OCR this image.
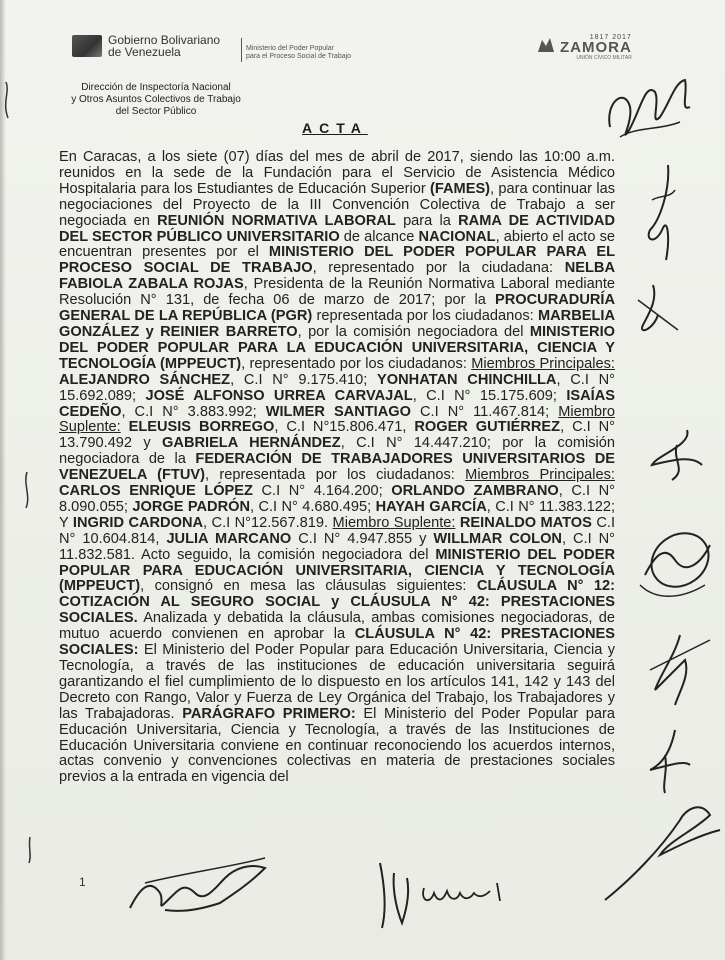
Gobierno Bolivariano
de Venezuela	Ministerio del Poder Popular
para el Proceso Social de Trabajo
1817 2017
ZAMORA
UNIÓN CÍVICO MILITAR
Dirección de Inspectoría Nacional
y Otros Asuntos Colectivos de Trabajo
del Sector Público
ACTA
En Caracas, a los siete (07) días del mes de abril de 2017, siendo las 10:00 a.m. reunidos en la sede de la Fundación para el Servicio de Asistencia Médico Hospitalaria para los Estudiantes de Educación Superior (FAMES), para continuar las negociaciones del Proyecto de la III Convención Colectiva de Trabajo a ser negociada en REUNIÓN NORMATIVA LABORAL para la RAMA DE ACTIVIDAD DEL SECTOR PÚBLICO UNIVERSITARIO de alcance NACIONAL, abierto el acto se encuentran presentes por el MINISTERIO DEL PODER POPULAR PARA EL PROCESO SOCIAL DE TRABAJO, representado por la ciudadana: NELBA FABIOLA ZABALA ROJAS, Presidenta de la Reunión Normativa Laboral mediante Resolución N° 131, de fecha 06 de marzo de 2017; por la PROCURADURÍA GENERAL DE LA REPÚBLICA (PGR) representada por los ciudadanos: MARBELIA GONZÁLEZ y REINIER BARRETO, por la comisión negociadora del MINISTERIO DEL PODER POPULAR PARA LA EDUCACIÓN UNIVERSITARIA, CIENCIA Y TECNOLOGÍA (MPPEUCT), representado por los ciudadanos: Miembros Principales: ALEJANDRO SÁNCHEZ, C.I N° 9.175.410; YONHATAN CHINCHILLA, C.I N° 15.692.089; JOSÉ ALFONSO URREA CARVAJAL, C.I N° 15.175.609; ISAÍAS CEDEÑO, C.I N° 3.883.992; WILMER SANTIAGO C.I N° 11.467.814; Miembro Suplente: ELEUSIS BORREGO, C.I N°15.806.471, ROGER GUTIÉRREZ, C.I N° 13.790.492 y GABRIELA HERNÁNDEZ, C.I N° 14.447.210; por la comisión negociadora de la FEDERACIÓN DE TRABAJADORES UNIVERSITARIOS DE VENEZUELA (FTUV), representada por los ciudadanos: Miembros Principales: CARLOS ENRIQUE LÓPEZ C.I N° 4.164.200; ORLANDO ZAMBRANO, C.I N° 8.090.055; JORGE PADRÓN, C.I N° 4.680.495; HAYAH GARCÍA, C.I N° 11.383.122; Y INGRID CARDONA, C.I N°12.567.819. Miembro Suplente: REINALDO MATOS C.I N° 10.604.814, JULIA MARCANO C.I N° 4.947.855 y WILLMAR COLON, C.I N° 11.832.581. Acto seguido, la comisión negociadora del MINISTERIO DEL PODER POPULAR PARA EDUCACIÓN UNIVERSITARIA, CIENCIA Y TECNOLOGÍA (MPPEUCT), consignó en mesa las cláusulas siguientes: CLÁUSULA N° 12: COTIZACIÓN AL SEGURO SOCIAL y CLÁUSULA N° 42: PRESTACIONES SOCIALES. Analizada y debatida la cláusula, ambas comisiones negociadoras, de mutuo acuerdo convienen en aprobar la CLÁUSULA N° 42: PRESTACIONES SOCIALES: El Ministerio del Poder Popular para Educación Universitaria, Ciencia y Tecnología, a través de las instituciones de educación universitaria seguirá garantizando el fiel cumplimiento de lo dispuesto en los artículos 141, 142 y 143 del Decreto con Rango, Valor y Fuerza de Ley Orgánica del Trabajo, los Trabajadores y las Trabajadoras. PARÁGRAFO PRIMERO: El Ministerio del Poder Popular para Educación Universitaria, Ciencia y Tecnología, a través de las Instituciones de Educación Universitaria conviene en continuar reconociendo los acuerdos internos, actas convenio y convenciones colectivas en materia de prestaciones sociales previos a la entrada en vigencia del
1
